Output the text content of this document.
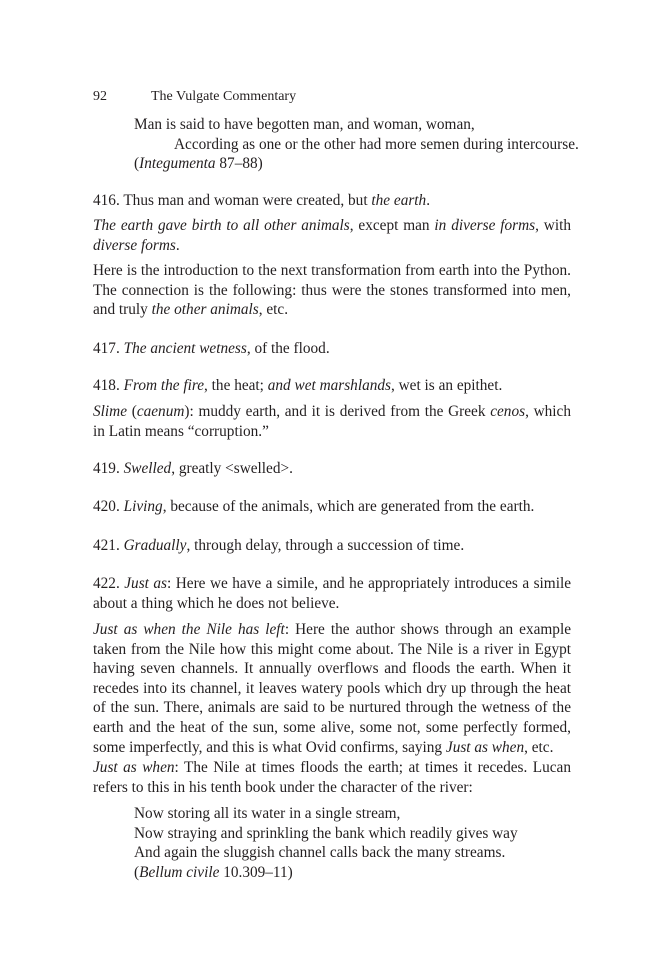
92	The Vulgate Commentary
Man is said to have begotten man, and woman, woman,
According as one or the other had more semen during intercourse.
(Integumenta 87–88)

416. Thus man and woman were created, but the earth.

The earth gave birth to all other animals, except man in diverse forms, with diverse forms.

Here is the introduction to the next transformation from earth into the Python. The connection is the following: thus were the stones transformed into men, and truly the other animals, etc.

417. The ancient wetness, of the flood.

418. From the fire, the heat; and wet marshlands, wet is an epithet.

Slime (caenum): muddy earth, and it is derived from the Greek cenos, which in Latin means “corruption.”

419. Swelled, greatly <swelled>.

420. Living, because of the animals, which are generated from the earth.

421. Gradually, through delay, through a succession of time.

422. Just as: Here we have a simile, and he appropriately introduces a simile about a thing which he does not believe.

Just as when the Nile has left: Here the author shows through an example taken from the Nile how this might come about. The Nile is a river in Egypt having seven channels. It annually overflows and floods the earth. When it recedes into its channel, it leaves watery pools which dry up through the heat of the sun. There, animals are said to be nurtured through the wetness of the earth and the heat of the sun, some alive, some not, some perfectly formed, some imperfectly, and this is what Ovid confirms, saying Just as when, etc.

Just as when: The Nile at times floods the earth; at times it recedes. Lucan refers to this in his tenth book under the character of the river:

Now storing all its water in a single stream,
Now straying and sprinkling the bank which readily gives way
And again the sluggish channel calls back the many streams.
(Bellum civile 10.309–11)
